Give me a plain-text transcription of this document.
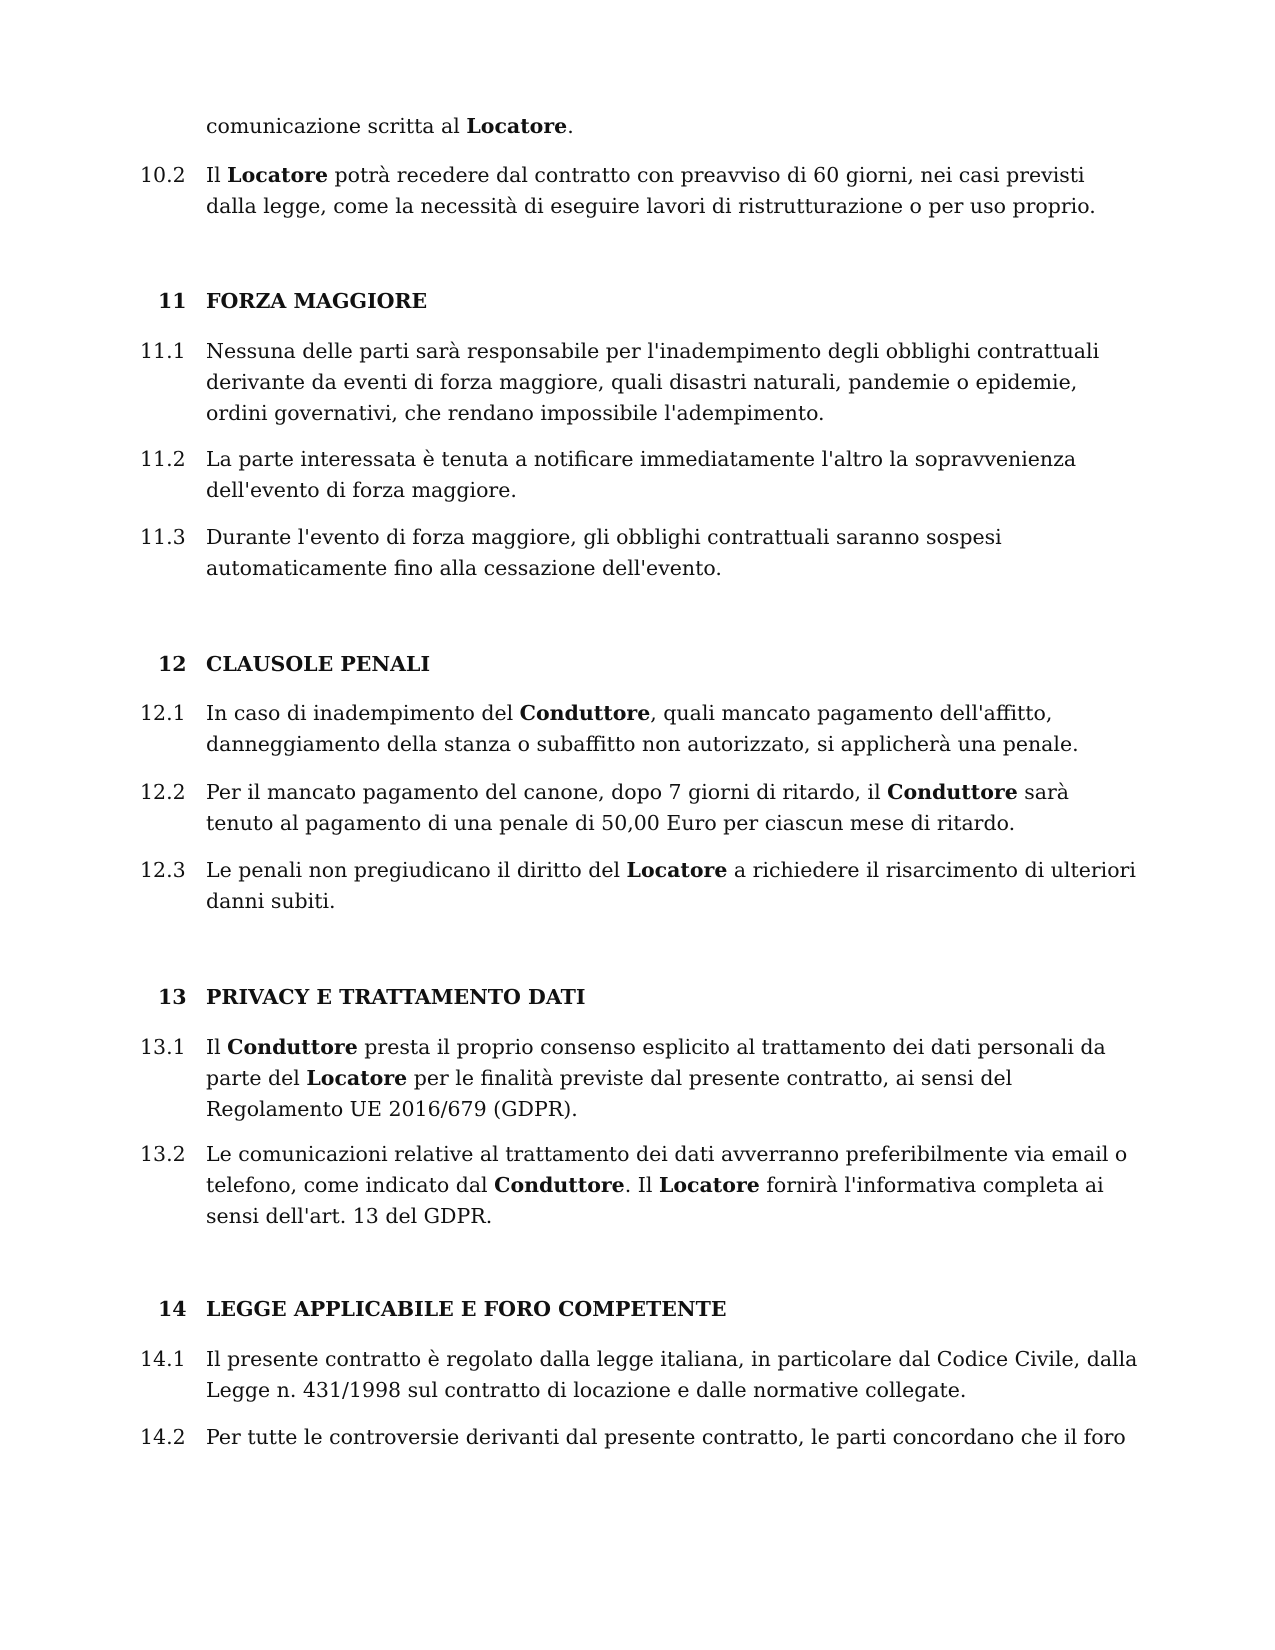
comunicazione scritta al Locatore.
10.2 Il Locatore potrà recedere dal contratto con preavviso di 60 giorni, nei casi previsti dalla legge, come la necessità di eseguire lavori di ristrutturazione o per uso proprio.
11 FORZA MAGGIORE
11.1 Nessuna delle parti sarà responsabile per l'inadempimento degli obblighi contrattuali derivante da eventi di forza maggiore, quali disastri naturali, pandemie o epidemie, ordini governativi, che rendano impossibile l'adempimento.
11.2 La parte interessata è tenuta a notificare immediatamente l'altro la sopravvenienza dell'evento di forza maggiore.
11.3 Durante l'evento di forza maggiore, gli obblighi contrattuali saranno sospesi automaticamente fino alla cessazione dell'evento.
12 CLAUSOLE PENALI
12.1 In caso di inadempimento del Conduttore, quali mancato pagamento dell'affitto, danneggiamento della stanza o subaffitto non autorizzato, si applicherà una penale.
12.2 Per il mancato pagamento del canone, dopo 7 giorni di ritardo, il Conduttore sarà tenuto al pagamento di una penale di 50,00 Euro per ciascun mese di ritardo.
12.3 Le penali non pregiudicano il diritto del Locatore a richiedere il risarcimento di ulteriori danni subiti.
13 PRIVACY E TRATTAMENTO DATI
13.1 Il Conduttore presta il proprio consenso esplicito al trattamento dei dati personali da parte del Locatore per le finalità previste dal presente contratto, ai sensi del Regolamento UE 2016/679 (GDPR).
13.2 Le comunicazioni relative al trattamento dei dati avverranno preferibilmente via email o telefono, come indicato dal Conduttore. Il Locatore fornirà l'informativa completa ai sensi dell'art. 13 del GDPR.
14 LEGGE APPLICABILE E FORO COMPETENTE
14.1 Il presente contratto è regolato dalla legge italiana, in particolare dal Codice Civile, dalla Legge n. 431/1998 sul contratto di locazione e dalle normative collegate.
14.2 Per tutte le controversie derivanti dal presente contratto, le parti concordano che il foro
